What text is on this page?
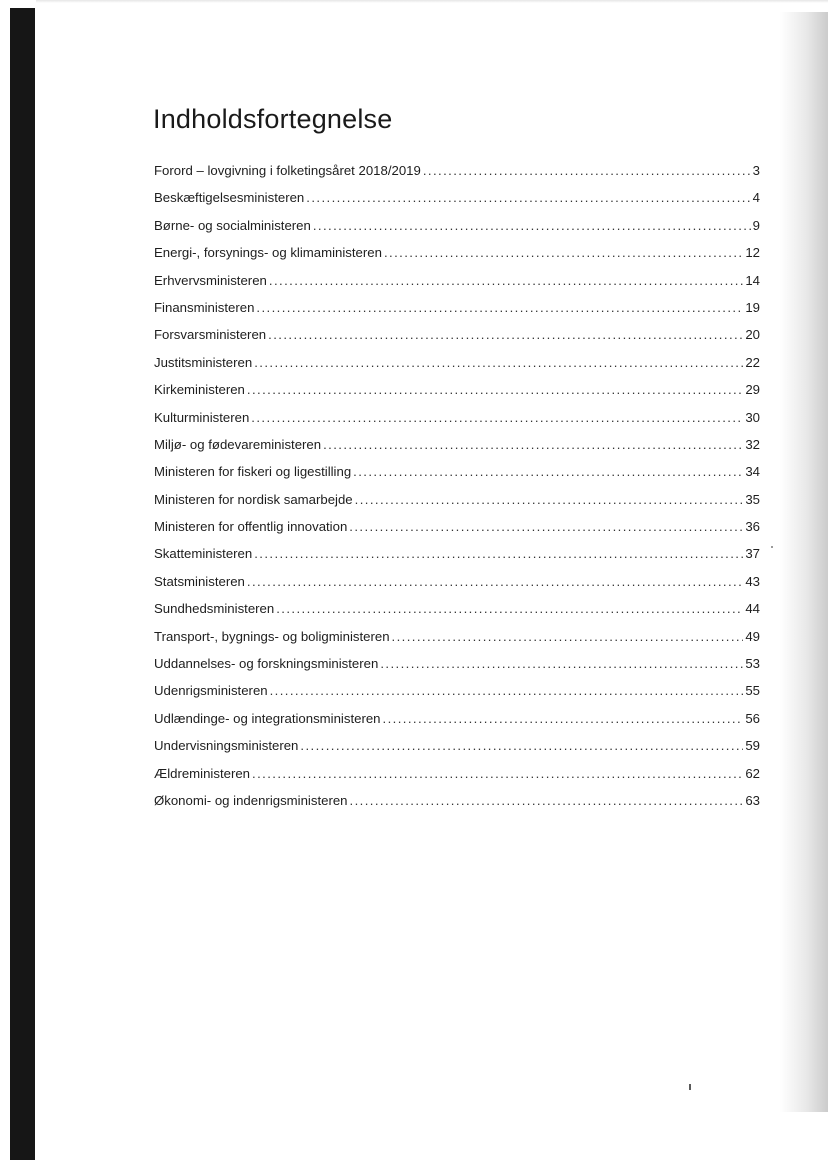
Indholdsfortegnelse
Forord – lovgivning i folketingsåret 2018/2019 .....	3
Beskæftigelsesministeren .....	4
Børne- og socialministeren .....	9
Energi-, forsynings- og klimaministeren .....	12
Erhvervsministeren .....	14
Finansministeren .....	19
Forsvarsministeren .....	20
Justitsministeren .....	22
Kirkeministeren .....	29
Kulturministeren .....	30
Miljø- og fødevareministeren .....	32
Ministeren for fiskeri og ligestilling .....	34
Ministeren for nordisk samarbejde .....	35
Ministeren for offentlig innovation .....	36
Skatteministeren .....	37
Statsministeren .....	43
Sundhedsministeren .....	44
Transport-, bygnings- og boligministeren .....	49
Uddannelses- og forskningsministeren .....	53
Udenrigsministeren .....	55
Udlændinge- og integrationsministeren .....	56
Undervisningsministeren .....	59
Ældreministeren .....	62
Økonomi- og indenrigsministeren .....	63
